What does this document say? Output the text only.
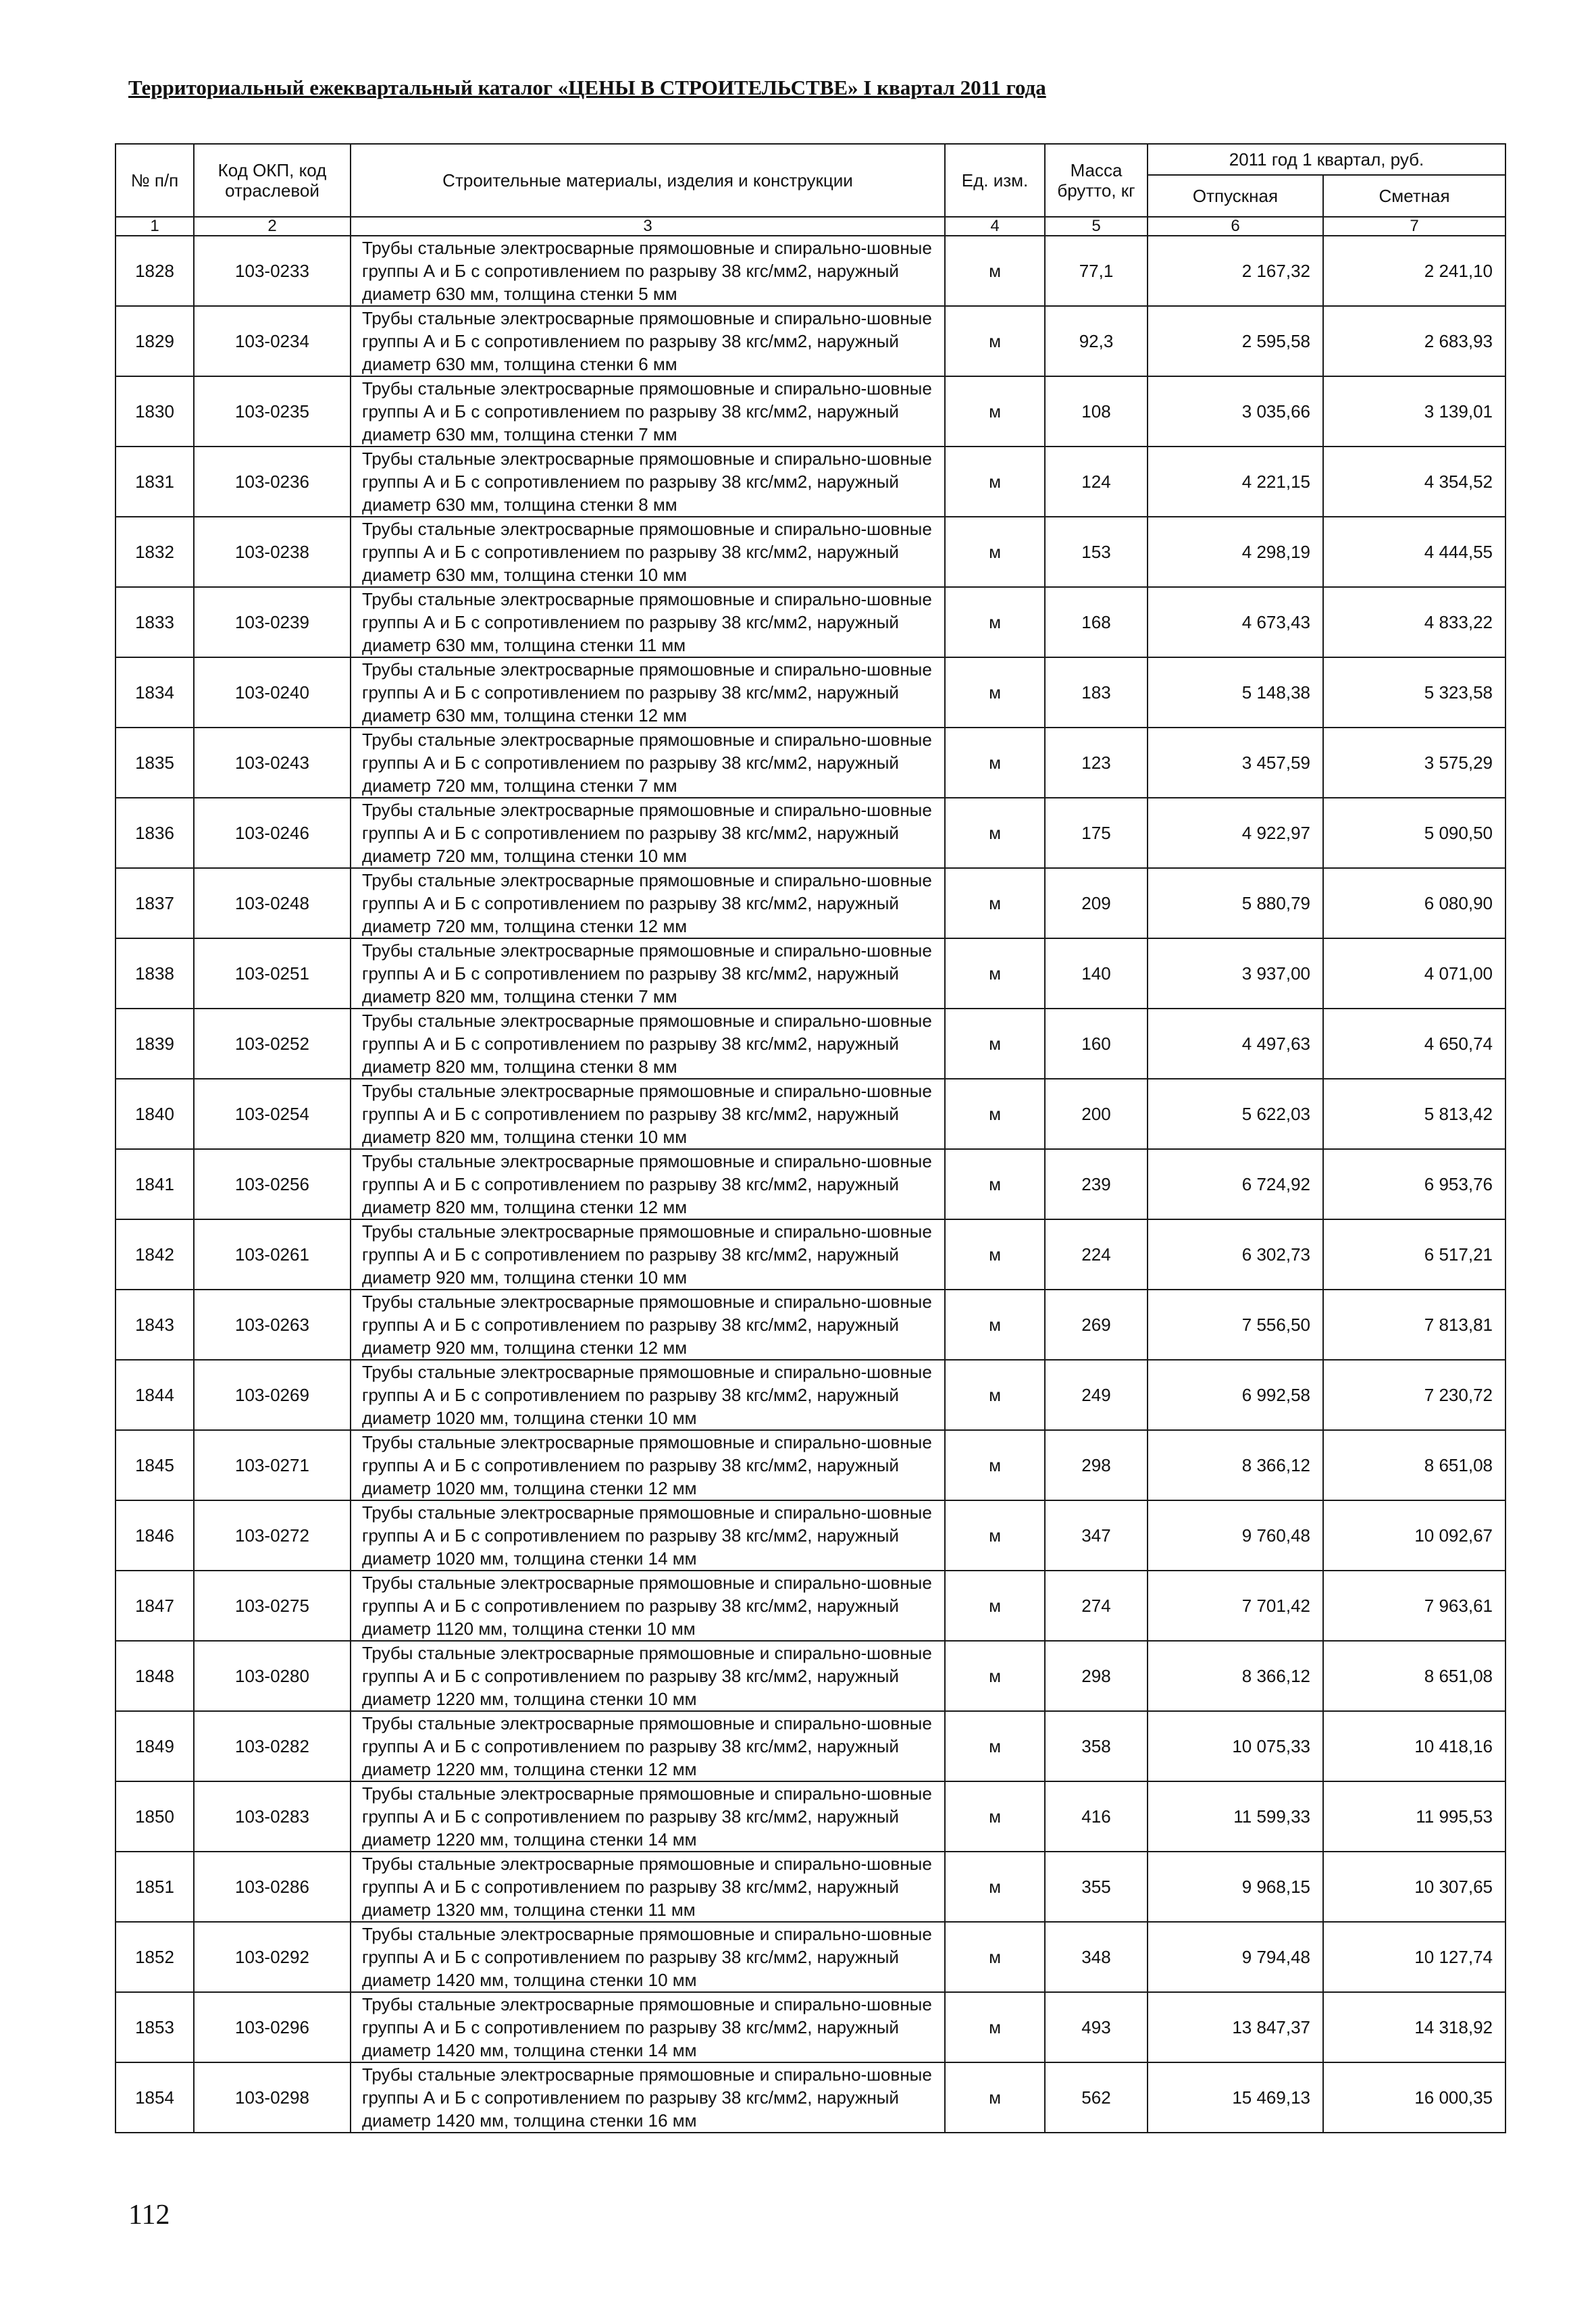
Территориальный ежеквартальный каталог «ЦЕНЫ В СТРОИТЕЛЬСТВЕ» I квартал 2011 года
№ п/п	Код ОКП, код отраслевой	Строительные материалы, изделия и конструкции	Ед. изм.	Масса брутто, кг	2011 год 1 квартал, руб.	
					Отпускная	Сметная
1	2	3	4	5	6	7
1828	103-0233	Трубы стальные электросварные прямошовные и спирально-шовные группы А и Б с сопротивлением по разрыву 38 кгс/мм2, наружный диаметр 630 мм, толщина стенки 5 мм	м	77,1	2 167,32	2 241,10
1829	103-0234	Трубы стальные электросварные прямошовные и спирально-шовные группы А и Б с сопротивлением по разрыву 38 кгс/мм2, наружный диаметр 630 мм, толщина стенки 6 мм	м	92,3	2 595,58	2 683,93
1830	103-0235	Трубы стальные электросварные прямошовные и спирально-шовные группы А и Б с сопротивлением по разрыву 38 кгс/мм2, наружный диаметр 630 мм, толщина стенки 7 мм	м	108	3 035,66	3 139,01
1831	103-0236	Трубы стальные электросварные прямошовные и спирально-шовные группы А и Б с сопротивлением по разрыву 38 кгс/мм2, наружный диаметр 630 мм, толщина стенки 8 мм	м	124	4 221,15	4 354,52
1832	103-0238	Трубы стальные электросварные прямошовные и спирально-шовные группы А и Б с сопротивлением по разрыву 38 кгс/мм2, наружный диаметр 630 мм, толщина стенки 10 мм	м	153	4 298,19	4 444,55
1833	103-0239	Трубы стальные электросварные прямошовные и спирально-шовные группы А и Б с сопротивлением по разрыву 38 кгс/мм2, наружный диаметр 630 мм, толщина стенки 11 мм	м	168	4 673,43	4 833,22
1834	103-0240	Трубы стальные электросварные прямошовные и спирально-шовные группы А и Б с сопротивлением по разрыву 38 кгс/мм2, наружный диаметр 630 мм, толщина стенки 12 мм	м	183	5 148,38	5 323,58
1835	103-0243	Трубы стальные электросварные прямошовные и спирально-шовные группы А и Б с сопротивлением по разрыву 38 кгс/мм2, наружный диаметр 720 мм, толщина стенки 7 мм	м	123	3 457,59	3 575,29
1836	103-0246	Трубы стальные электросварные прямошовные и спирально-шовные группы А и Б с сопротивлением по разрыву 38 кгс/мм2, наружный диаметр 720 мм, толщина стенки 10 мм	м	175	4 922,97	5 090,50
1837	103-0248	Трубы стальные электросварные прямошовные и спирально-шовные группы А и Б с сопротивлением по разрыву 38 кгс/мм2, наружный диаметр 720 мм, толщина стенки 12 мм	м	209	5 880,79	6 080,90
1838	103-0251	Трубы стальные электросварные прямошовные и спирально-шовные группы А и Б с сопротивлением по разрыву 38 кгс/мм2, наружный диаметр 820 мм, толщина стенки 7 мм	м	140	3 937,00	4 071,00
1839	103-0252	Трубы стальные электросварные прямошовные и спирально-шовные группы А и Б с сопротивлением по разрыву 38 кгс/мм2, наружный диаметр 820 мм, толщина стенки 8 мм	м	160	4 497,63	4 650,74
1840	103-0254	Трубы стальные электросварные прямошовные и спирально-шовные группы А и Б с сопротивлением по разрыву 38 кгс/мм2, наружный диаметр 820 мм, толщина стенки 10 мм	м	200	5 622,03	5 813,42
1841	103-0256	Трубы стальные электросварные прямошовные и спирально-шовные группы А и Б с сопротивлением по разрыву 38 кгс/мм2, наружный диаметр 820 мм, толщина стенки 12 мм	м	239	6 724,92	6 953,76
1842	103-0261	Трубы стальные электросварные прямошовные и спирально-шовные группы А и Б с сопротивлением по разрыву 38 кгс/мм2, наружный диаметр 920 мм, толщина стенки 10 мм	м	224	6 302,73	6 517,21
1843	103-0263	Трубы стальные электросварные прямошовные и спирально-шовные группы А и Б с сопротивлением по разрыву 38 кгс/мм2, наружный диаметр 920 мм, толщина стенки 12 мм	м	269	7 556,50	7 813,81
1844	103-0269	Трубы стальные электросварные прямошовные и спирально-шовные группы А и Б с сопротивлением по разрыву 38 кгс/мм2, наружный диаметр 1020 мм, толщина стенки 10 мм	м	249	6 992,58	7 230,72
1845	103-0271	Трубы стальные электросварные прямошовные и спирально-шовные группы А и Б с сопротивлением по разрыву 38 кгс/мм2, наружный диаметр 1020 мм, толщина стенки 12 мм	м	298	8 366,12	8 651,08
1846	103-0272	Трубы стальные электросварные прямошовные и спирально-шовные группы А и Б с сопротивлением по разрыву 38 кгс/мм2, наружный диаметр 1020 мм, толщина стенки 14 мм	м	347	9 760,48	10 092,67
1847	103-0275	Трубы стальные электросварные прямошовные и спирально-шовные группы А и Б с сопротивлением по разрыву 38 кгс/мм2, наружный диаметр 1120 мм, толщина стенки 10 мм	м	274	7 701,42	7 963,61
1848	103-0280	Трубы стальные электросварные прямошовные и спирально-шовные группы А и Б с сопротивлением по разрыву 38 кгс/мм2, наружный диаметр 1220 мм, толщина стенки 10 мм	м	298	8 366,12	8 651,08
1849	103-0282	Трубы стальные электросварные прямошовные и спирально-шовные группы А и Б с сопротивлением по разрыву 38 кгс/мм2, наружный диаметр 1220 мм, толщина стенки 12 мм	м	358	10 075,33	10 418,16
1850	103-0283	Трубы стальные электросварные прямошовные и спирально-шовные группы А и Б с сопротивлением по разрыву 38 кгс/мм2, наружный диаметр 1220 мм, толщина стенки 14 мм	м	416	11 599,33	11 995,53
1851	103-0286	Трубы стальные электросварные прямошовные и спирально-шовные группы А и Б с сопротивлением по разрыву 38 кгс/мм2, наружный диаметр 1320 мм, толщина стенки 11 мм	м	355	9 968,15	10 307,65
1852	103-0292	Трубы стальные электросварные прямошовные и спирально-шовные группы А и Б с сопротивлением по разрыву 38 кгс/мм2, наружный диаметр 1420 мм, толщина стенки 10 мм	м	348	9 794,48	10 127,74
1853	103-0296	Трубы стальные электросварные прямошовные и спирально-шовные группы А и Б с сопротивлением по разрыву 38 кгс/мм2, наружный диаметр 1420 мм, толщина стенки 14 мм	м	493	13 847,37	14 318,92
1854	103-0298	Трубы стальные электросварные прямошовные и спирально-шовные группы А и Б с сопротивлением по разрыву 38 кгс/мм2, наружный диаметр 1420 мм, толщина стенки 16 мм	м	562	15 469,13	16 000,35
112
